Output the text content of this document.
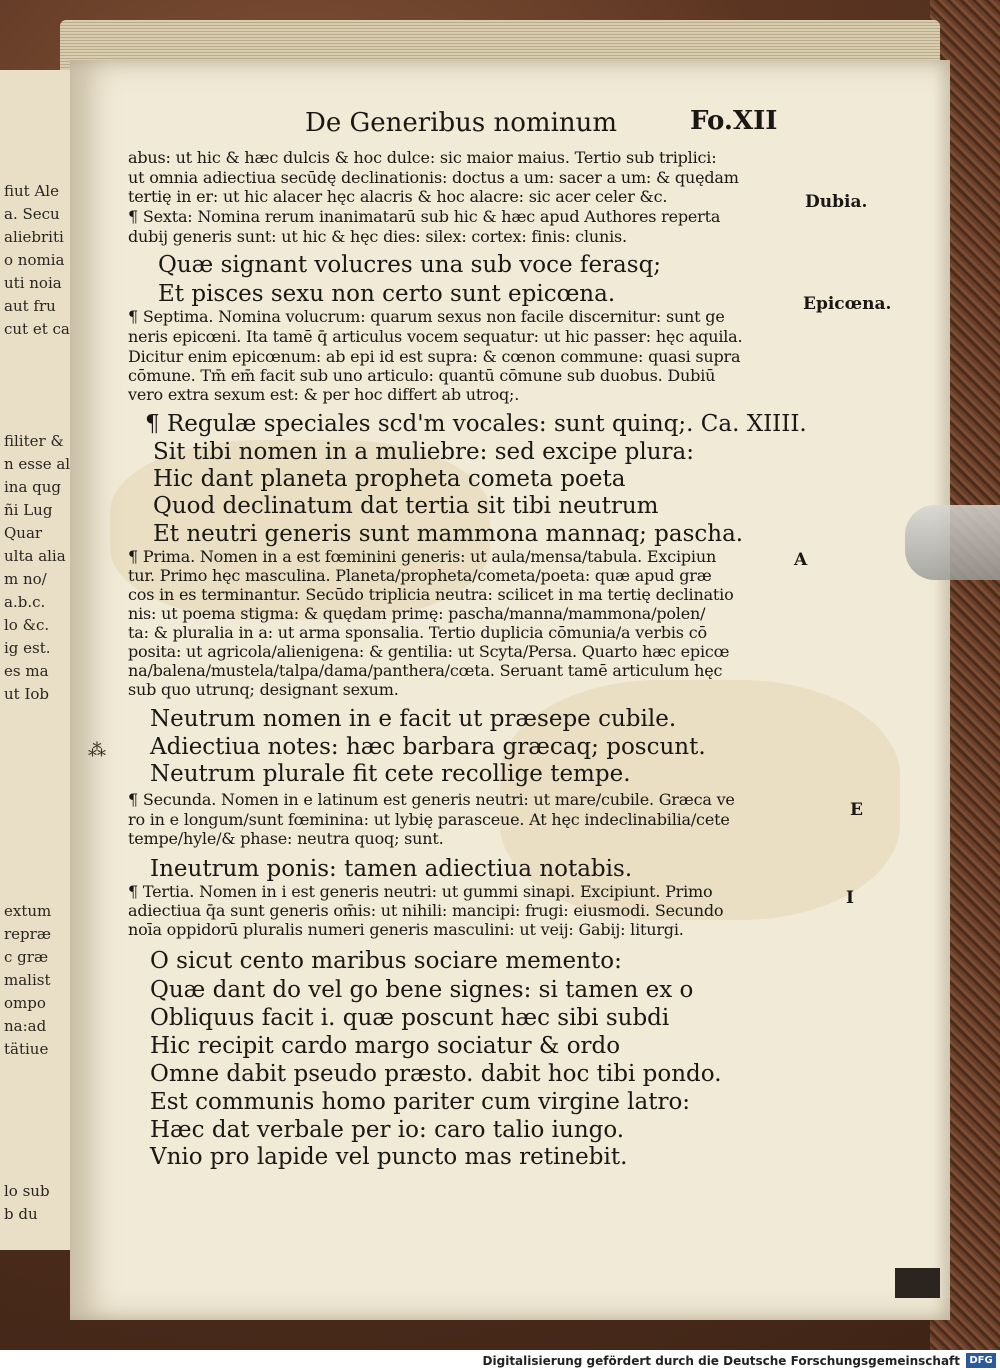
fiut Ale
a. Secu
aliebriti
o nomia
uti noia
aut fru
cut et ca
filiter &
n esse al
ina qug
ñi Lug
Quar
ulta alia
m no/
a.b.c.
lo &c.
ig est.
es ma
ut Iob
extum
repræ
c græ
malist
ompo
na:ad
tätiue
lo sub
b du
De Generibus nominum	Fo.XII
Dubia.
Epicœna.
A
E
I
⁂
abus: ut hic & hæc dulcis & hoc dulce: sic maior maius. Tertio sub triplici:
ut omnia adiectiua secūdę declinationis: doctus a um: sacer a um: & quędam
tertię in er: ut hic alacer hęc alacris & hoc alacre: sic acer celer &c.
¶ Sexta: Nomina rerum inanimatarū sub hic & hæc apud Authores reperta
dubij generis sunt: ut hic & hęc dies: silex: cortex: finis: clunis.
Quæ signant volucres una sub voce ferasq;
Et pisces sexu non certo sunt epicœna.
¶ Septima. Nomina volucrum: quarum sexus non facile discernitur: sunt ge
neris epicœni. Ita tamē q̄ articulus vocem sequatur: ut hic passer: hęc aquila.
Dicitur enim epicœnum: ab epi id est supra: & cœnon commune: quasi supra
cōmune. Tm̄ em̄ facit sub uno articulo: quantū cōmune sub duobus. Dubiū
vero extra sexum est: & per hoc differt ab utroq;.
¶ Regulæ speciales scd'm vocales: sunt quinq;. Ca. XIIII.
Sit tibi nomen in a muliebre: sed excipe plura:
Hic dant planeta propheta cometa poeta
Quod declinatum dat tertia sit tibi neutrum
Et neutri generis sunt mammona mannaq; pascha.
¶ Prima. Nomen in a est fœminini generis: ut aula/mensa/tabula. Excipiun
tur. Primo hęc masculina. Planeta/propheta/cometa/poeta: quæ apud græ
cos in es terminantur. Secūdo triplicia neutra: scilicet in ma tertię declinatio
nis: ut poema stigma: & quędam primę: pascha/manna/mammona/polen/
ta: & pluralia in a: ut arma sponsalia. Tertio duplicia cōmunia/a verbis cō
posita: ut agricola/alienigena: & gentilia: ut Scyta/Persa. Quarto hæc epicœ
na/balena/mustela/talpa/dama/panthera/cœta. Seruant tamē articulum hęc
sub quo utrunq; designant sexum.
Neutrum nomen in e facit ut præsepe cubile.
Adiectiua notes: hæc barbara græcaq; poscunt.
Neutrum plurale fit cete recollige tempe.
¶ Secunda. Nomen in e latinum est generis neutri: ut mare/cubile. Græca ve
ro in e longum/sunt fœminina: ut lybię parasceue. At hęc indeclinabilia/cete
tempe/hyle/& phase: neutra quoq; sunt.
Ineutrum ponis: tamen adiectiua notabis.
¶ Tertia. Nomen in i est generis neutri: ut gummi sinapi. Excipiunt. Primo
adiectiua q̄a sunt generis om̄is: ut nihili: mancipi: frugi: eiusmodi. Secundo
noīa oppidorū pluralis numeri generis masculini: ut veij: Gabij: liturgi.
O sicut cento maribus sociare memento:
Quæ dant do vel go bene signes: si tamen ex o
Obliquus facit i. quæ poscunt hæc sibi subdi
Hic recipit cardo margo sociatur & ordo
Omne dabit pseudo præsto. dabit hoc tibi pondo.
Est communis homo pariter cum virgine latro:
Hæc dat verbale per io: caro talio iungo.
Vnio pro lapide vel puncto mas retinebit.
Digitalisierung gefördert durch die Deutsche Forschungsgemeinschaft DFG
